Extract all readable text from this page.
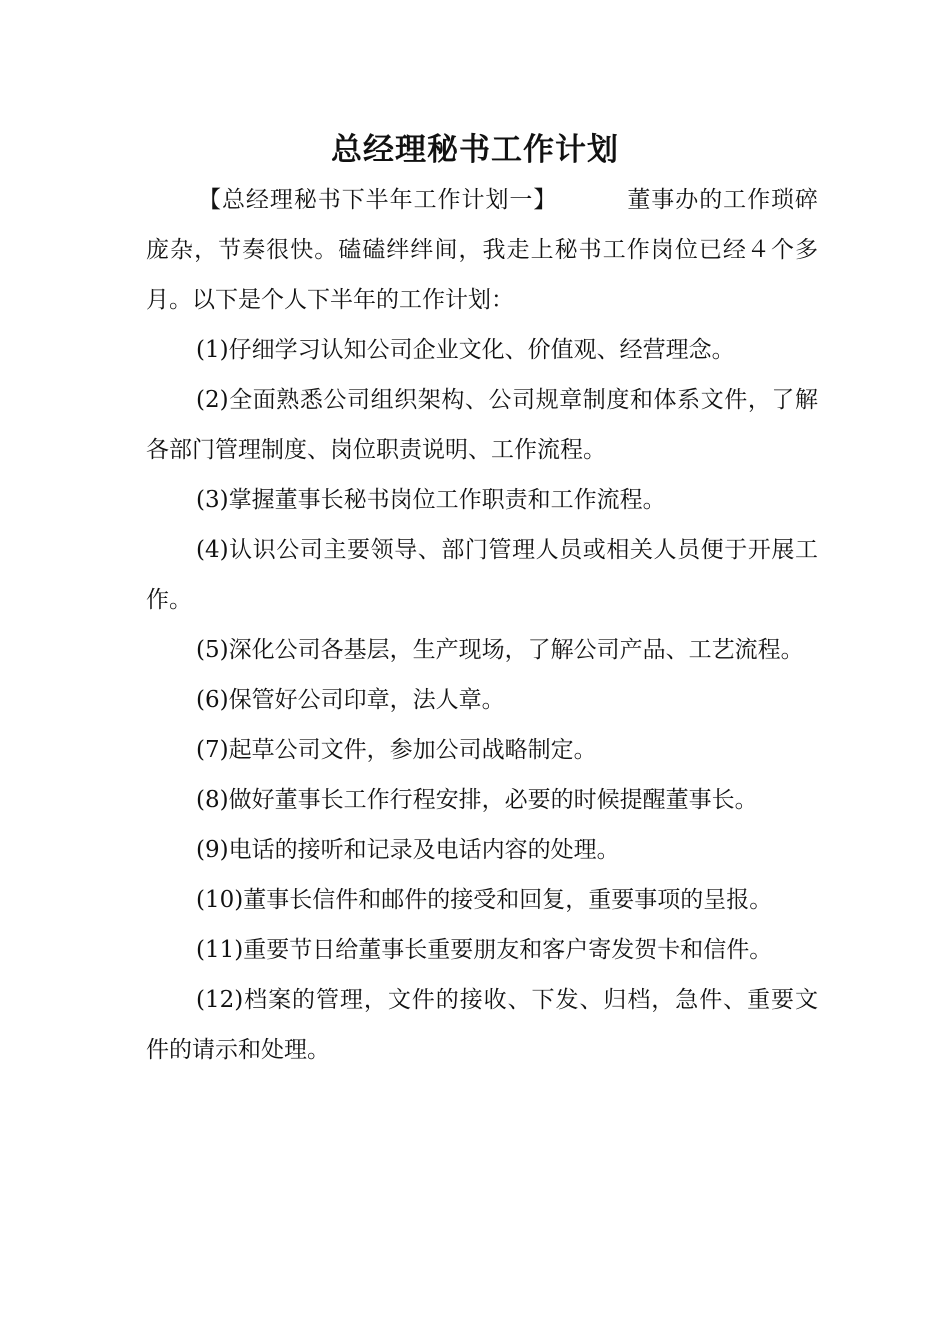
总经理秘书工作计划

【总经理秘书下半年工作计划一】	董事办的工作琐碎庞杂，节奏很快。磕磕绊绊间，我走上秘书工作岗位已经４个多月。以下是个人下半年的工作计划：

(1)仔细学习认知公司企业文化、价值观、经营理念。

(2)全面熟悉公司组织架构、公司规章制度和体系文件，了解各部门管理制度、岗位职责说明、工作流程。

(3)掌握董事长秘书岗位工作职责和工作流程。

(4)认识公司主要领导、部门管理人员或相关人员便于开展工作。

(5)深化公司各基层，生产现场，了解公司产品、工艺流程。

(6)保管好公司印章，法人章。

(7)起草公司文件，参加公司战略制定。

(8)做好董事长工作行程安排，必要的时候提醒董事长。

(9)电话的接听和记录及电话内容的处理。

(10)董事长信件和邮件的接受和回复，重要事项的呈报。

(11)重要节日给董事长重要朋友和客户寄发贺卡和信件。

(12)档案的管理，文件的接收、下发、归档，急件、重要文件的请示和处理。
